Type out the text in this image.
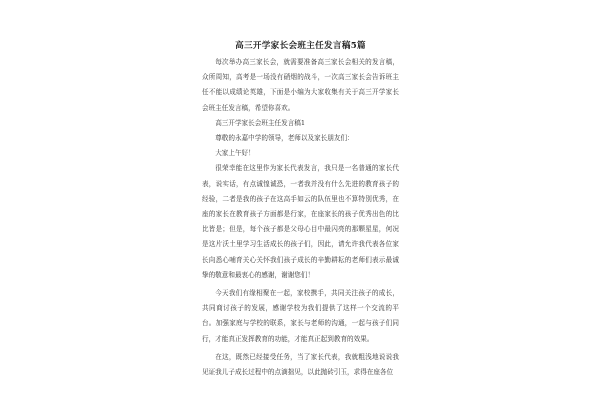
高三开学家长会班主任发言稿5篇

每次举办高三家长会，就需要准备高三家长会相关的发言稿，众所周知，高考是一场没有硝烟的战斗，一次高三家长会告诉班主任不能以成绩论英雄，下面是小编为大家收集有关于高三开学家长会班主任发言稿，希望你喜欢。

高三开学家长会班主任发言稿1

尊敬的永嘉中学的领导，老师以及家长朋友们：

大家上午好！

很荣幸能在这里作为家长代表发言，我只是一名普通的家长代表，说实话，有点诚惶诚恐，一者我并没有什么先进的教育孩子的经验，二者是我的孩子在这高手如云的队伍里也不算特别优秀，在座的家长在教育孩子方面都是行家，在座家长的孩子优秀出色的比比皆是；但是，每个孩子都是父母心目中最闪亮的那颗星星，何况是这片沃土里学习生活成长的孩子们，因此，请允许我代表各位家长向悉心哺育关心关怀我们孩子成长的辛勤耕耘的老师们表示最诚挚的敬意和最衷心的感谢，谢谢您们！

今天我们有缘相聚在一起，家校携手，共同关注孩子的成长，共同商讨孩子的发展，感谢学校为我们提供了这样一个交流的平台。加强家庭与学校的联系，家长与老师的沟通，一起与孩子们同行，才能真正发挥教育的功能，才能真正起到教育的效果。

在这，既然已经接受任务，当了家长代表，我就粗浅地说说我见证我儿子成长过程中的点滴拙见，以此抛砖引玉，求得在座各位
